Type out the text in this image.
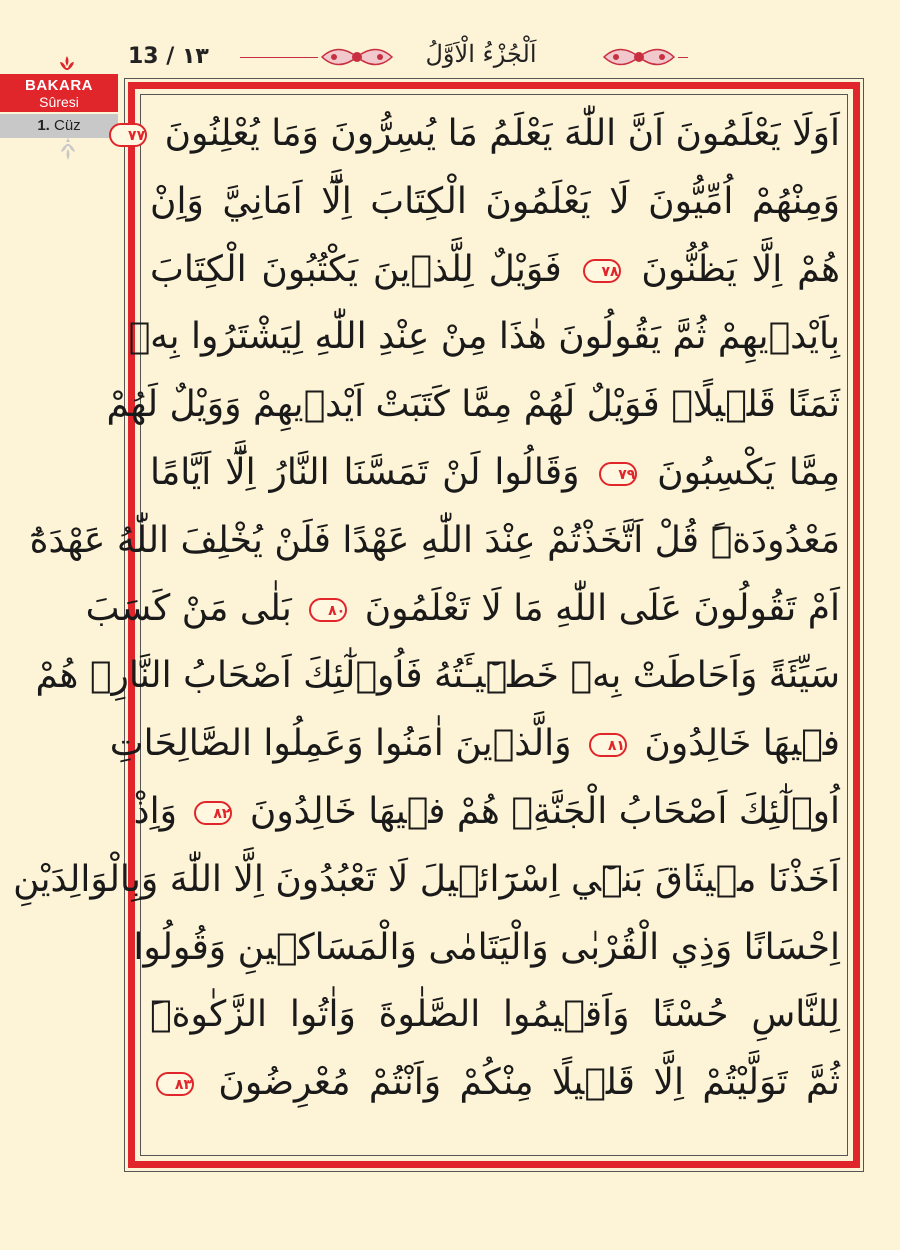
13 / ١٣	اَلْجُزْءُ الْاَوَّلُ
BAKARA
Sûresi
1. Cüz	اَوَلَا يَعْلَمُونَ اَنَّ اللّٰهَ يَعْلَمُ مَا يُسِرُّونَ وَمَا يُعْلِنُونَ ٧٧
وَمِنْهُمْ اُمِّيُّونَ لَا يَعْلَمُونَ الْكِتَابَ اِلَّٓا اَمَانِيَّ وَاِنْ
هُمْ اِلَّا يَظُنُّونَ ٧٨ فَوَيْلٌ لِلَّذ۪ينَ يَكْتُبُونَ الْكِتَابَ
بِاَيْد۪يهِمْ ثُمَّ يَقُولُونَ هٰذَا مِنْ عِنْدِ اللّٰهِ لِيَشْتَرُوا بِه۪
ثَمَنًا قَل۪يلًاۜ فَوَيْلٌ لَهُمْ مِمَّا كَتَبَتْ اَيْد۪يهِمْ وَوَيْلٌ لَهُمْ
مِمَّا يَكْسِبُونَ ٧٩ وَقَالُوا لَنْ تَمَسَّنَا النَّارُ اِلَّٓا اَيَّامًا
مَعْدُودَةًۜ قُلْ اَتَّخَذْتُمْ عِنْدَ اللّٰهِ عَهْدًا فَلَنْ يُخْلِفَ اللّٰهُ عَهْدَهُٓ
اَمْ تَقُولُونَ عَلَى اللّٰهِ مَا لَا تَعْلَمُونَ ٨٠ بَلٰى مَنْ كَسَبَ
سَيِّئَةً وَاَحَاطَتْ بِه۪ خَط۪ٓيـَٔتُهُ فَاُو۬لٰٓئِكَ اَصْحَابُ النَّارِۚ هُمْ
ف۪يهَا خَالِدُونَ ٨١ وَالَّذ۪ينَ اٰمَنُوا وَعَمِلُوا الصَّالِحَاتِ
اُو۬لٰٓئِكَ اَصْحَابُ الْجَنَّةِۚ هُمْ ف۪يهَا خَالِدُونَ ٨٢ وَاِذْ
اَخَذْنَا م۪يثَاقَ بَن۪ٓي اِسْرَٓائ۪يلَ لَا تَعْبُدُونَ اِلَّا اللّٰهَ وَبِالْوَالِدَيْنِ
اِحْسَانًا وَذِي الْقُرْبٰى وَالْيَتَامٰى وَالْمَسَاك۪ينِ وَقُولُوا
لِلنَّاسِ حُسْنًا وَاَق۪يمُوا الصَّلٰوةَ وَاٰتُوا الزَّكٰوةَۜ
ثُمَّ تَوَلَّيْتُمْ اِلَّا قَل۪يلًا مِنْكُمْ وَاَنْتُمْ مُعْرِضُونَ ٨٣
